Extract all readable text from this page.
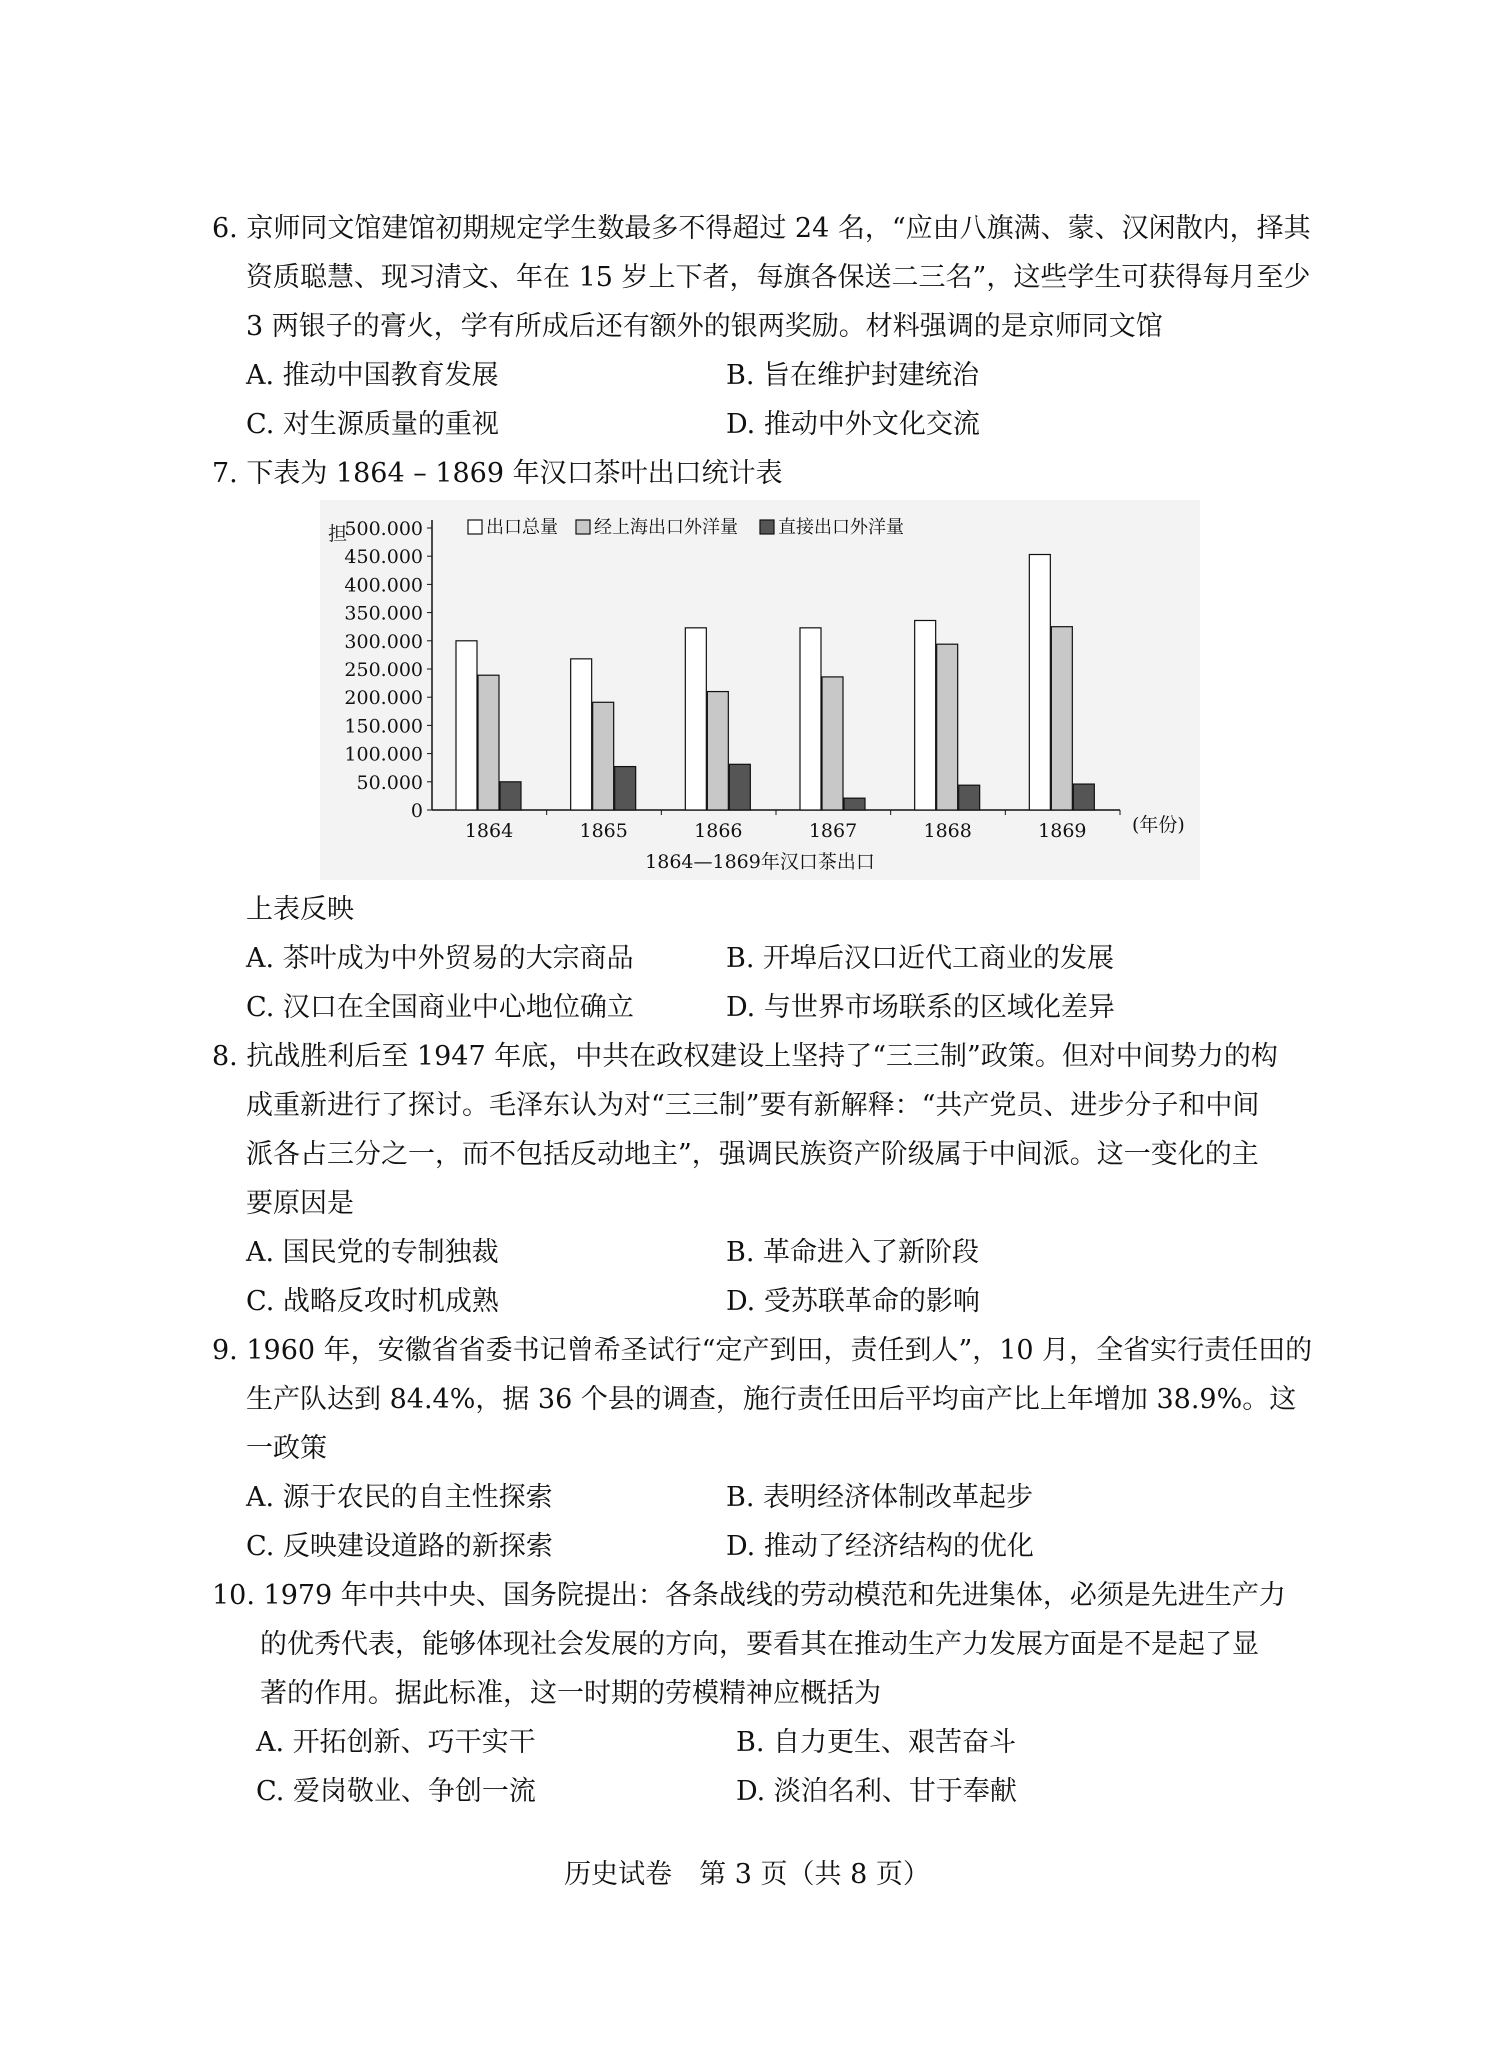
6. 京师同文馆建馆初期规定学生数最多不得超过 24 名，“应由八旗满、蒙、汉闲散内，择其
资质聪慧、现习清文、年在 15 岁上下者，每旗各保送二三名”，这些学生可获得每月至少
3 两银子的膏火，学有所成后还有额外的银两奖励。材料强调的是京师同文馆
A. 推动中国教育发展	B. 旨在维护封建统治
C. 对生源质量的重视	D. 推动中外文化交流
7. 下表为 1864 – 1869 年汉口茶叶出口统计表
0
50.000
100.000
150.000
200.000
250.000
300.000
350.000
400.000
450.000
500.000
担	出口总量 经上海出口外洋量 直接出口外洋量
1864	1865	1866	1867	1868	1869 (年份)
1864—1869年汉口茶出口
上表反映
A. 茶叶成为中外贸易的大宗商品	B. 开埠后汉口近代工商业的发展
C. 汉口在全国商业中心地位确立	D. 与世界市场联系的区域化差异
8. 抗战胜利后至 1947 年底，中共在政权建设上坚持了“三三制”政策。但对中间势力的构
成重新进行了探讨。毛泽东认为对“三三制”要有新解释：“共产党员、进步分子和中间
派各占三分之一，而不包括反动地主”，强调民族资产阶级属于中间派。这一变化的主
要原因是
A. 国民党的专制独裁	B. 革命进入了新阶段
C. 战略反攻时机成熟	D. 受苏联革命的影响
9. 1960 年，安徽省省委书记曾希圣试行“定产到田，责任到人”，10 月，全省实行责任田的
生产队达到 84.4%，据 36 个县的调查，施行责任田后平均亩产比上年增加 38.9%。这
一政策
A. 源于农民的自主性探索	B. 表明经济体制改革起步
C. 反映建设道路的新探索	D. 推动了经济结构的优化
10. 1979 年中共中央、国务院提出：各条战线的劳动模范和先进集体，必须是先进生产力
的优秀代表，能够体现社会发展的方向，要看其在推动生产力发展方面是不是起了显
著的作用。据此标准，这一时期的劳模精神应概括为
A. 开拓创新、巧干实干	B. 自力更生、艰苦奋斗
C. 爱岗敬业、争创一流	D. 淡泊名利、甘于奉献
历史试卷　第 3 页（共 8 页）
